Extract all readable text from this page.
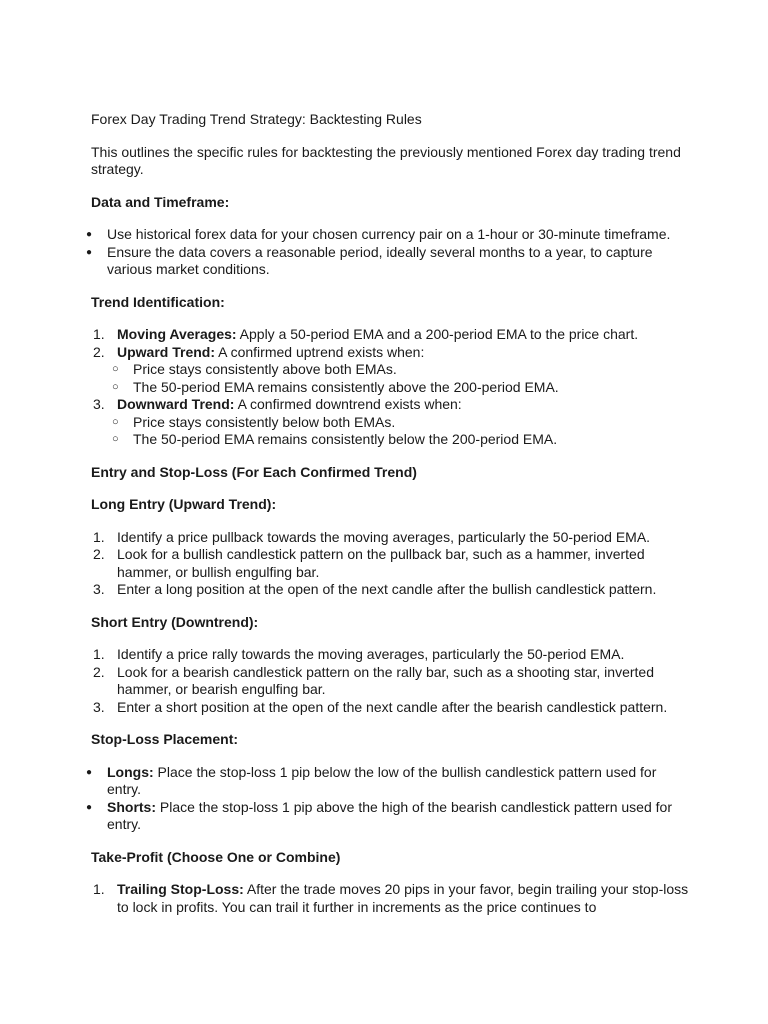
Forex Day Trading Trend Strategy: Backtesting Rules

This outlines the specific rules for backtesting the previously mentioned Forex day trading trend strategy.

Data and Timeframe:

● Use historical forex data for your chosen currency pair on a 1-hour or 30-minute timeframe.
● Ensure the data covers a reasonable period, ideally several months to a year, to capture various market conditions.

Trend Identification:

1. Moving Averages: Apply a 50-period EMA and a 200-period EMA to the price chart.
2. Upward Trend: A confirmed uptrend exists when:
○ Price stays consistently above both EMAs.
○ The 50-period EMA remains consistently above the 200-period EMA.
3. Downward Trend: A confirmed downtrend exists when:
○ Price stays consistently below both EMAs.
○ The 50-period EMA remains consistently below the 200-period EMA.

Entry and Stop-Loss (For Each Confirmed Trend)

Long Entry (Upward Trend):

1. Identify a price pullback towards the moving averages, particularly the 50-period EMA.
2. Look for a bullish candlestick pattern on the pullback bar, such as a hammer, inverted hammer, or bullish engulfing bar.
3. Enter a long position at the open of the next candle after the bullish candlestick pattern.

Short Entry (Downtrend):

1. Identify a price rally towards the moving averages, particularly the 50-period EMA.
2. Look for a bearish candlestick pattern on the rally bar, such as a shooting star, inverted hammer, or bearish engulfing bar.
3. Enter a short position at the open of the next candle after the bearish candlestick pattern.

Stop-Loss Placement:

● Longs: Place the stop-loss 1 pip below the low of the bullish candlestick pattern used for entry.
● Shorts: Place the stop-loss 1 pip above the high of the bearish candlestick pattern used for entry.

Take-Profit (Choose One or Combine)

1. Trailing Stop-Loss: After the trade moves 20 pips in your favor, begin trailing your stop-loss to lock in profits. You can trail it further in increments as the price continues to
